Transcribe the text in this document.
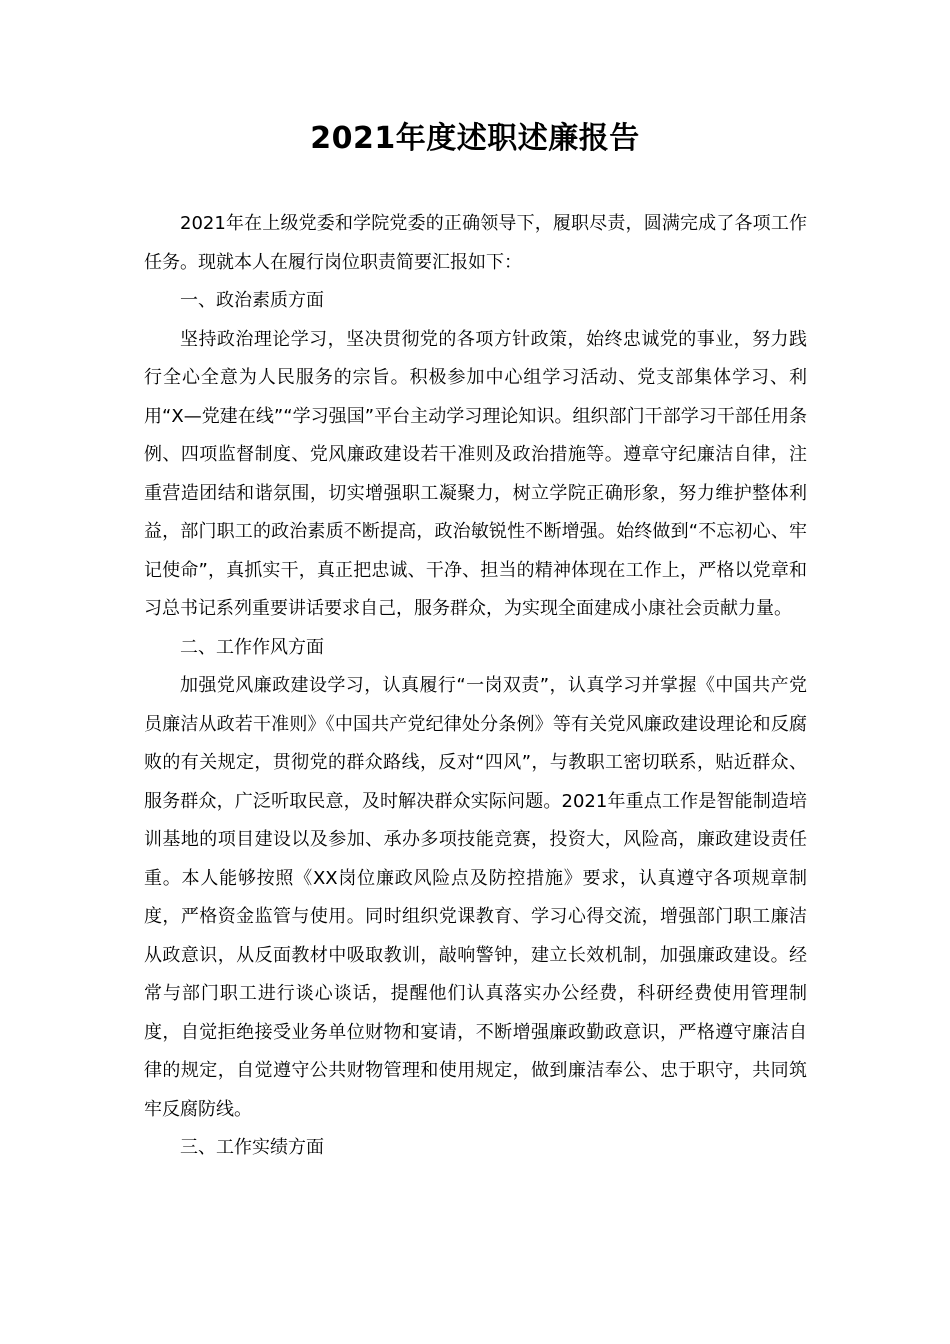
2021年度述职述廉报告

2021年在上级党委和学院党委的正确领导下，履职尽责，圆满完成了各项工作任务。现就本人在履行岗位职责简要汇报如下：

一、政治素质方面

坚持政治理论学习，坚决贯彻党的各项方针政策，始终忠诚党的事业，努力践行全心全意为人民服务的宗旨。积极参加中心组学习活动、党支部集体学习、利用“X—党建在线”“学习强国”平台主动学习理论知识。组织部门干部学习干部任用条例、四项监督制度、党风廉政建设若干准则及政治措施等。遵章守纪廉洁自律，注重营造团结和谐氛围，切实增强职工凝聚力，树立学院正确形象，努力维护整体利益，部门职工的政治素质不断提高，政治敏锐性不断增强。始终做到“不忘初心、牢记使命”，真抓实干，真正把忠诚、干净、担当的精神体现在工作上，严格以党章和习总书记系列重要讲话要求自己，服务群众，为实现全面建成小康社会贡献力量。

二、工作作风方面

加强党风廉政建设学习，认真履行“一岗双责”，认真学习并掌握《中国共产党员廉洁从政若干准则》《中国共产党纪律处分条例》等有关党风廉政建设理论和反腐败的有关规定，贯彻党的群众路线，反对“四风”，与教职工密切联系，贴近群众、服务群众，广泛听取民意，及时解决群众实际问题。2021年重点工作是智能制造培训基地的项目建设以及参加、承办多项技能竞赛，投资大，风险高，廉政建设责任重。本人能够按照《XX岗位廉政风险点及防控措施》要求，认真遵守各项规章制度，严格资金监管与使用。同时组织党课教育、学习心得交流，增强部门职工廉洁从政意识，从反面教材中吸取教训，敲响警钟，建立长效机制，加强廉政建设。经常与部门职工进行谈心谈话，提醒他们认真落实办公经费，科研经费使用管理制度，自觉拒绝接受业务单位财物和宴请，不断增强廉政勤政意识，严格遵守廉洁自律的规定，自觉遵守公共财物管理和使用规定，做到廉洁奉公、忠于职守，共同筑牢反腐防线。

三、工作实绩方面
